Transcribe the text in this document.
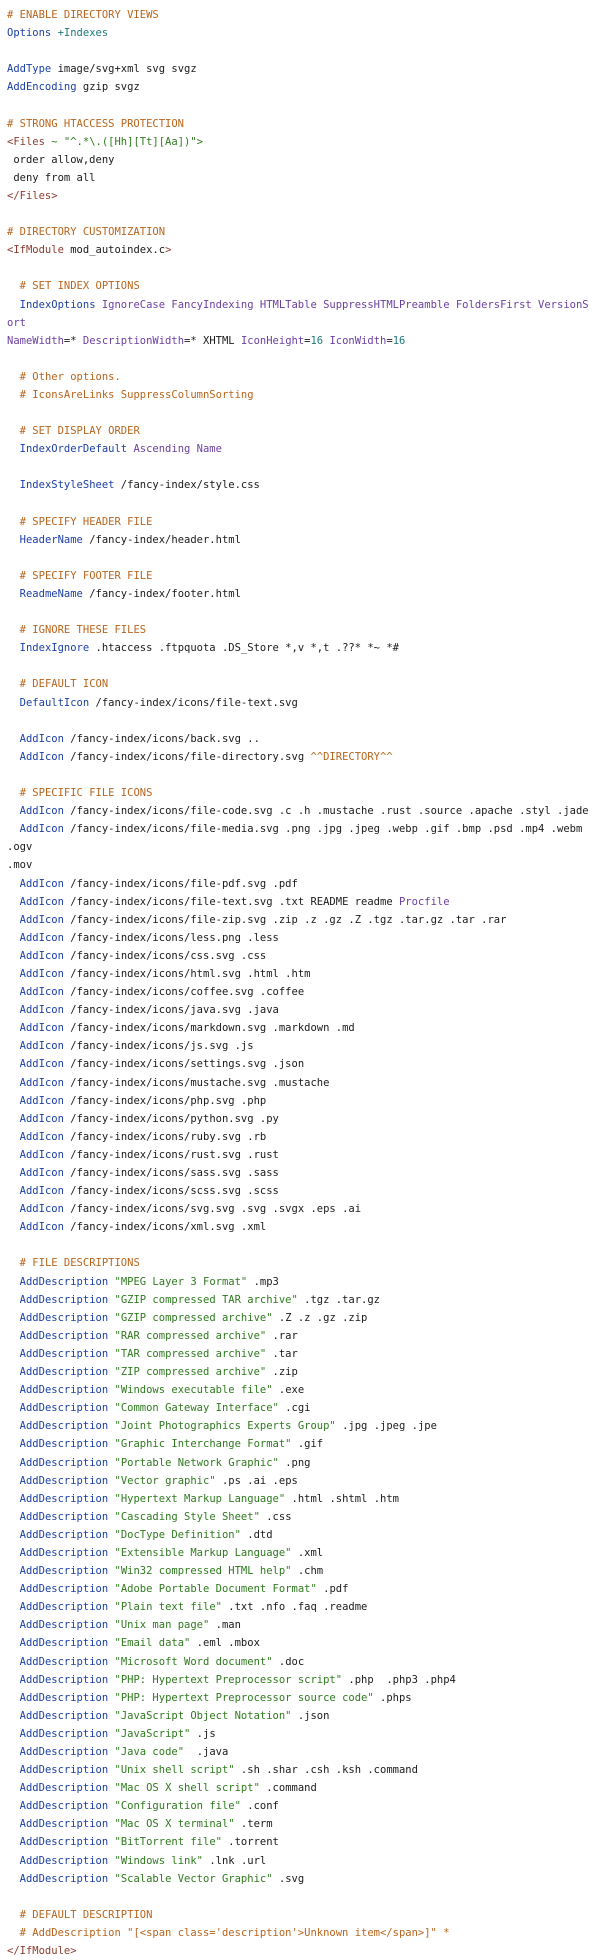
# ENABLE DIRECTORY VIEWS
Options +Indexes
AddType image/svg+xml svg svgz
AddEncoding gzip svgz
# STRONG HTACCESS PROTECTION
<Files ~ "^.*\.([Hh][Tt][Aa])">
order allow,deny
deny from all
</Files>
# DIRECTORY CUSTOMIZATION
<IfModule mod_autoindex.c>
# SET INDEX OPTIONS
IndexOptions IgnoreCase FancyIndexing HTMLTable SuppressHTMLPreamble FoldersFirst VersionSort
NameWidth=* DescriptionWidth=* XHTML IconHeight=16 IconWidth=16
# Other options.
# IconsAreLinks SuppressColumnSorting
# SET DISPLAY ORDER
IndexOrderDefault Ascending Name
IndexStyleSheet /fancy-index/style.css
# SPECIFY HEADER FILE
HeaderName /fancy-index/header.html
# SPECIFY FOOTER FILE
ReadmeName /fancy-index/footer.html
# IGNORE THESE FILES
IndexIgnore .htaccess .ftpquota .DS_Store *,v *,t .??* *~ *#
# DEFAULT ICON
DefaultIcon /fancy-index/icons/file-text.svg
AddIcon /fancy-index/icons/back.svg ..
AddIcon /fancy-index/icons/file-directory.svg ^^DIRECTORY^^
# SPECIFIC FILE ICONS
AddIcon /fancy-index/icons/file-code.svg .c .h .mustache .rust .source .apache .styl .jade
AddIcon /fancy-index/icons/file-media.svg .png .jpg .jpeg .webp .gif .bmp .psd .mp4 .webm .ogv
.mov
AddIcon /fancy-index/icons/file-pdf.svg .pdf
AddIcon /fancy-index/icons/file-text.svg .txt README readme Procfile
AddIcon /fancy-index/icons/file-zip.svg .zip .z .gz .Z .tgz .tar.gz .tar .rar
AddIcon /fancy-index/icons/less.png .less
AddIcon /fancy-index/icons/css.svg .css
AddIcon /fancy-index/icons/html.svg .html .htm
AddIcon /fancy-index/icons/coffee.svg .coffee
AddIcon /fancy-index/icons/java.svg .java
AddIcon /fancy-index/icons/markdown.svg .markdown .md
AddIcon /fancy-index/icons/js.svg .js
AddIcon /fancy-index/icons/settings.svg .json
AddIcon /fancy-index/icons/mustache.svg .mustache
AddIcon /fancy-index/icons/php.svg .php
AddIcon /fancy-index/icons/python.svg .py
AddIcon /fancy-index/icons/ruby.svg .rb
AddIcon /fancy-index/icons/rust.svg .rust
AddIcon /fancy-index/icons/sass.svg .sass
AddIcon /fancy-index/icons/scss.svg .scss
AddIcon /fancy-index/icons/svg.svg .svg .svgx .eps .ai
AddIcon /fancy-index/icons/xml.svg .xml
# FILE DESCRIPTIONS
AddDescription "MPEG Layer 3 Format" .mp3
AddDescription "GZIP compressed TAR archive" .tgz .tar.gz
AddDescription "GZIP compressed archive" .Z .z .gz .zip
AddDescription "RAR compressed archive" .rar
AddDescription "TAR compressed archive" .tar
AddDescription "ZIP compressed archive" .zip
AddDescription "Windows executable file" .exe
AddDescription "Common Gateway Interface" .cgi
AddDescription "Joint Photographics Experts Group" .jpg .jpeg .jpe
AddDescription "Graphic Interchange Format" .gif
AddDescription "Portable Network Graphic" .png
AddDescription "Vector graphic" .ps .ai .eps
AddDescription "Hypertext Markup Language" .html .shtml .htm
AddDescription "Cascading Style Sheet" .css
AddDescription "DocType Definition" .dtd
AddDescription "Extensible Markup Language" .xml
AddDescription "Win32 compressed HTML help" .chm
AddDescription "Adobe Portable Document Format" .pdf
AddDescription "Plain text file" .txt .nfo .faq .readme
AddDescription "Unix man page" .man
AddDescription "Email data" .eml .mbox
AddDescription "Microsoft Word document" .doc
AddDescription "PHP: Hypertext Preprocessor script" .php  .php3 .php4
AddDescription "PHP: Hypertext Preprocessor source code" .phps
AddDescription "JavaScript Object Notation" .json
AddDescription "JavaScript" .js
AddDescription "Java code"  .java
AddDescription "Unix shell script" .sh .shar .csh .ksh .command
AddDescription "Mac OS X shell script" .command
AddDescription "Configuration file" .conf
AddDescription "Mac OS X terminal" .term
AddDescription "BitTorrent file" .torrent
AddDescription "Windows link" .lnk .url
AddDescription "Scalable Vector Graphic" .svg
# DEFAULT DESCRIPTION
# AddDescription "[<span class='description'>Unknown item</span>]" *
</IfModule>
